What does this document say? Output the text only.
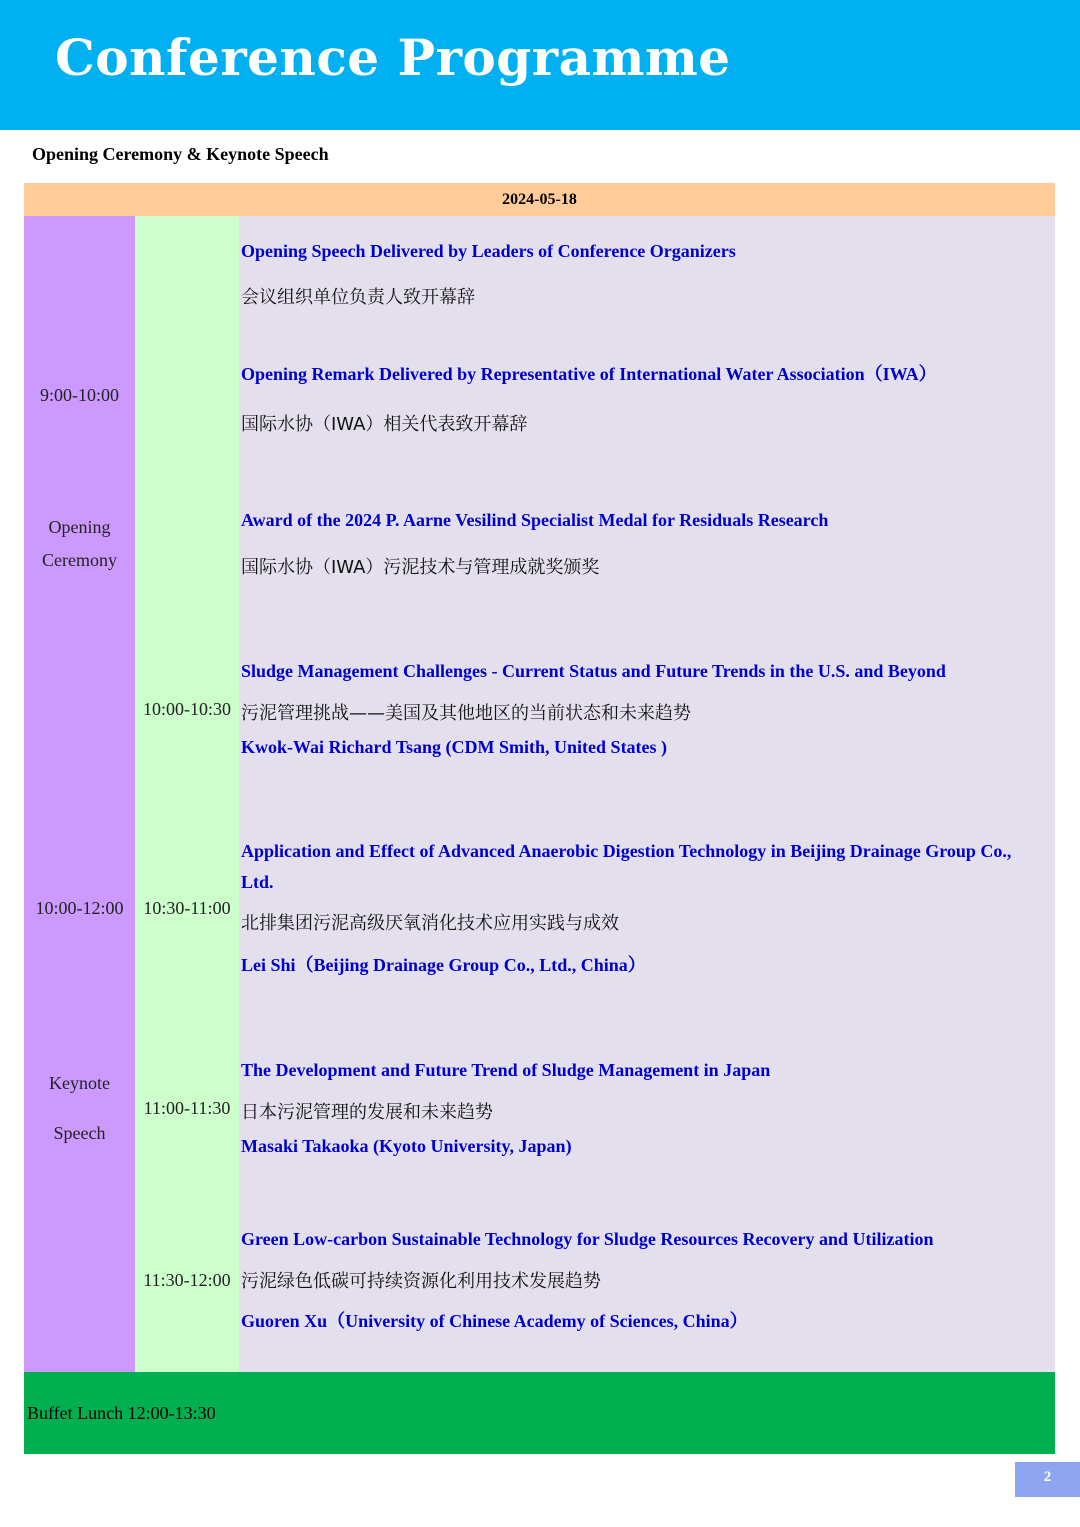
Conference Programme
Opening Ceremony & Keynote Speech
2024-05-18
9:00-10:00
Opening
Ceremony
10:00-12:00
Keynote
Speech
10:00-10:30
10:30-11:00
11:00-11:30
11:30-12:00
Opening Speech Delivered by Leaders of Conference Organizers
会议组织单位负责人致开幕辞
Opening Remark Delivered by Representative of International Water Association（IWA）
国际水协（IWA）相关代表致开幕辞
Award of the 2024 P. Aarne Vesilind Specialist Medal for Residuals Research
国际水协（IWA）污泥技术与管理成就奖颁奖
Sludge Management Challenges - Current Status and Future Trends in the U.S. and Beyond
污泥管理挑战——美国及其他地区的当前状态和未来趋势
Kwok-Wai Richard Tsang (CDM Smith, United States )
Application and Effect of Advanced Anaerobic Digestion Technology in Beijing Drainage Group Co., Ltd.
北排集团污泥高级厌氧消化技术应用实践与成效
Lei Shi（Beijing Drainage Group Co., Ltd., China）
The Development and Future Trend of Sludge Management in Japan
日本污泥管理的发展和未来趋势
Masaki Takaoka (Kyoto University, Japan)
Green Low-carbon Sustainable Technology for Sludge Resources Recovery and Utilization
污泥绿色低碳可持续资源化利用技术发展趋势
Guoren Xu（University of Chinese Academy of Sciences, China）
Buffet Lunch 12:00-13:30
2
